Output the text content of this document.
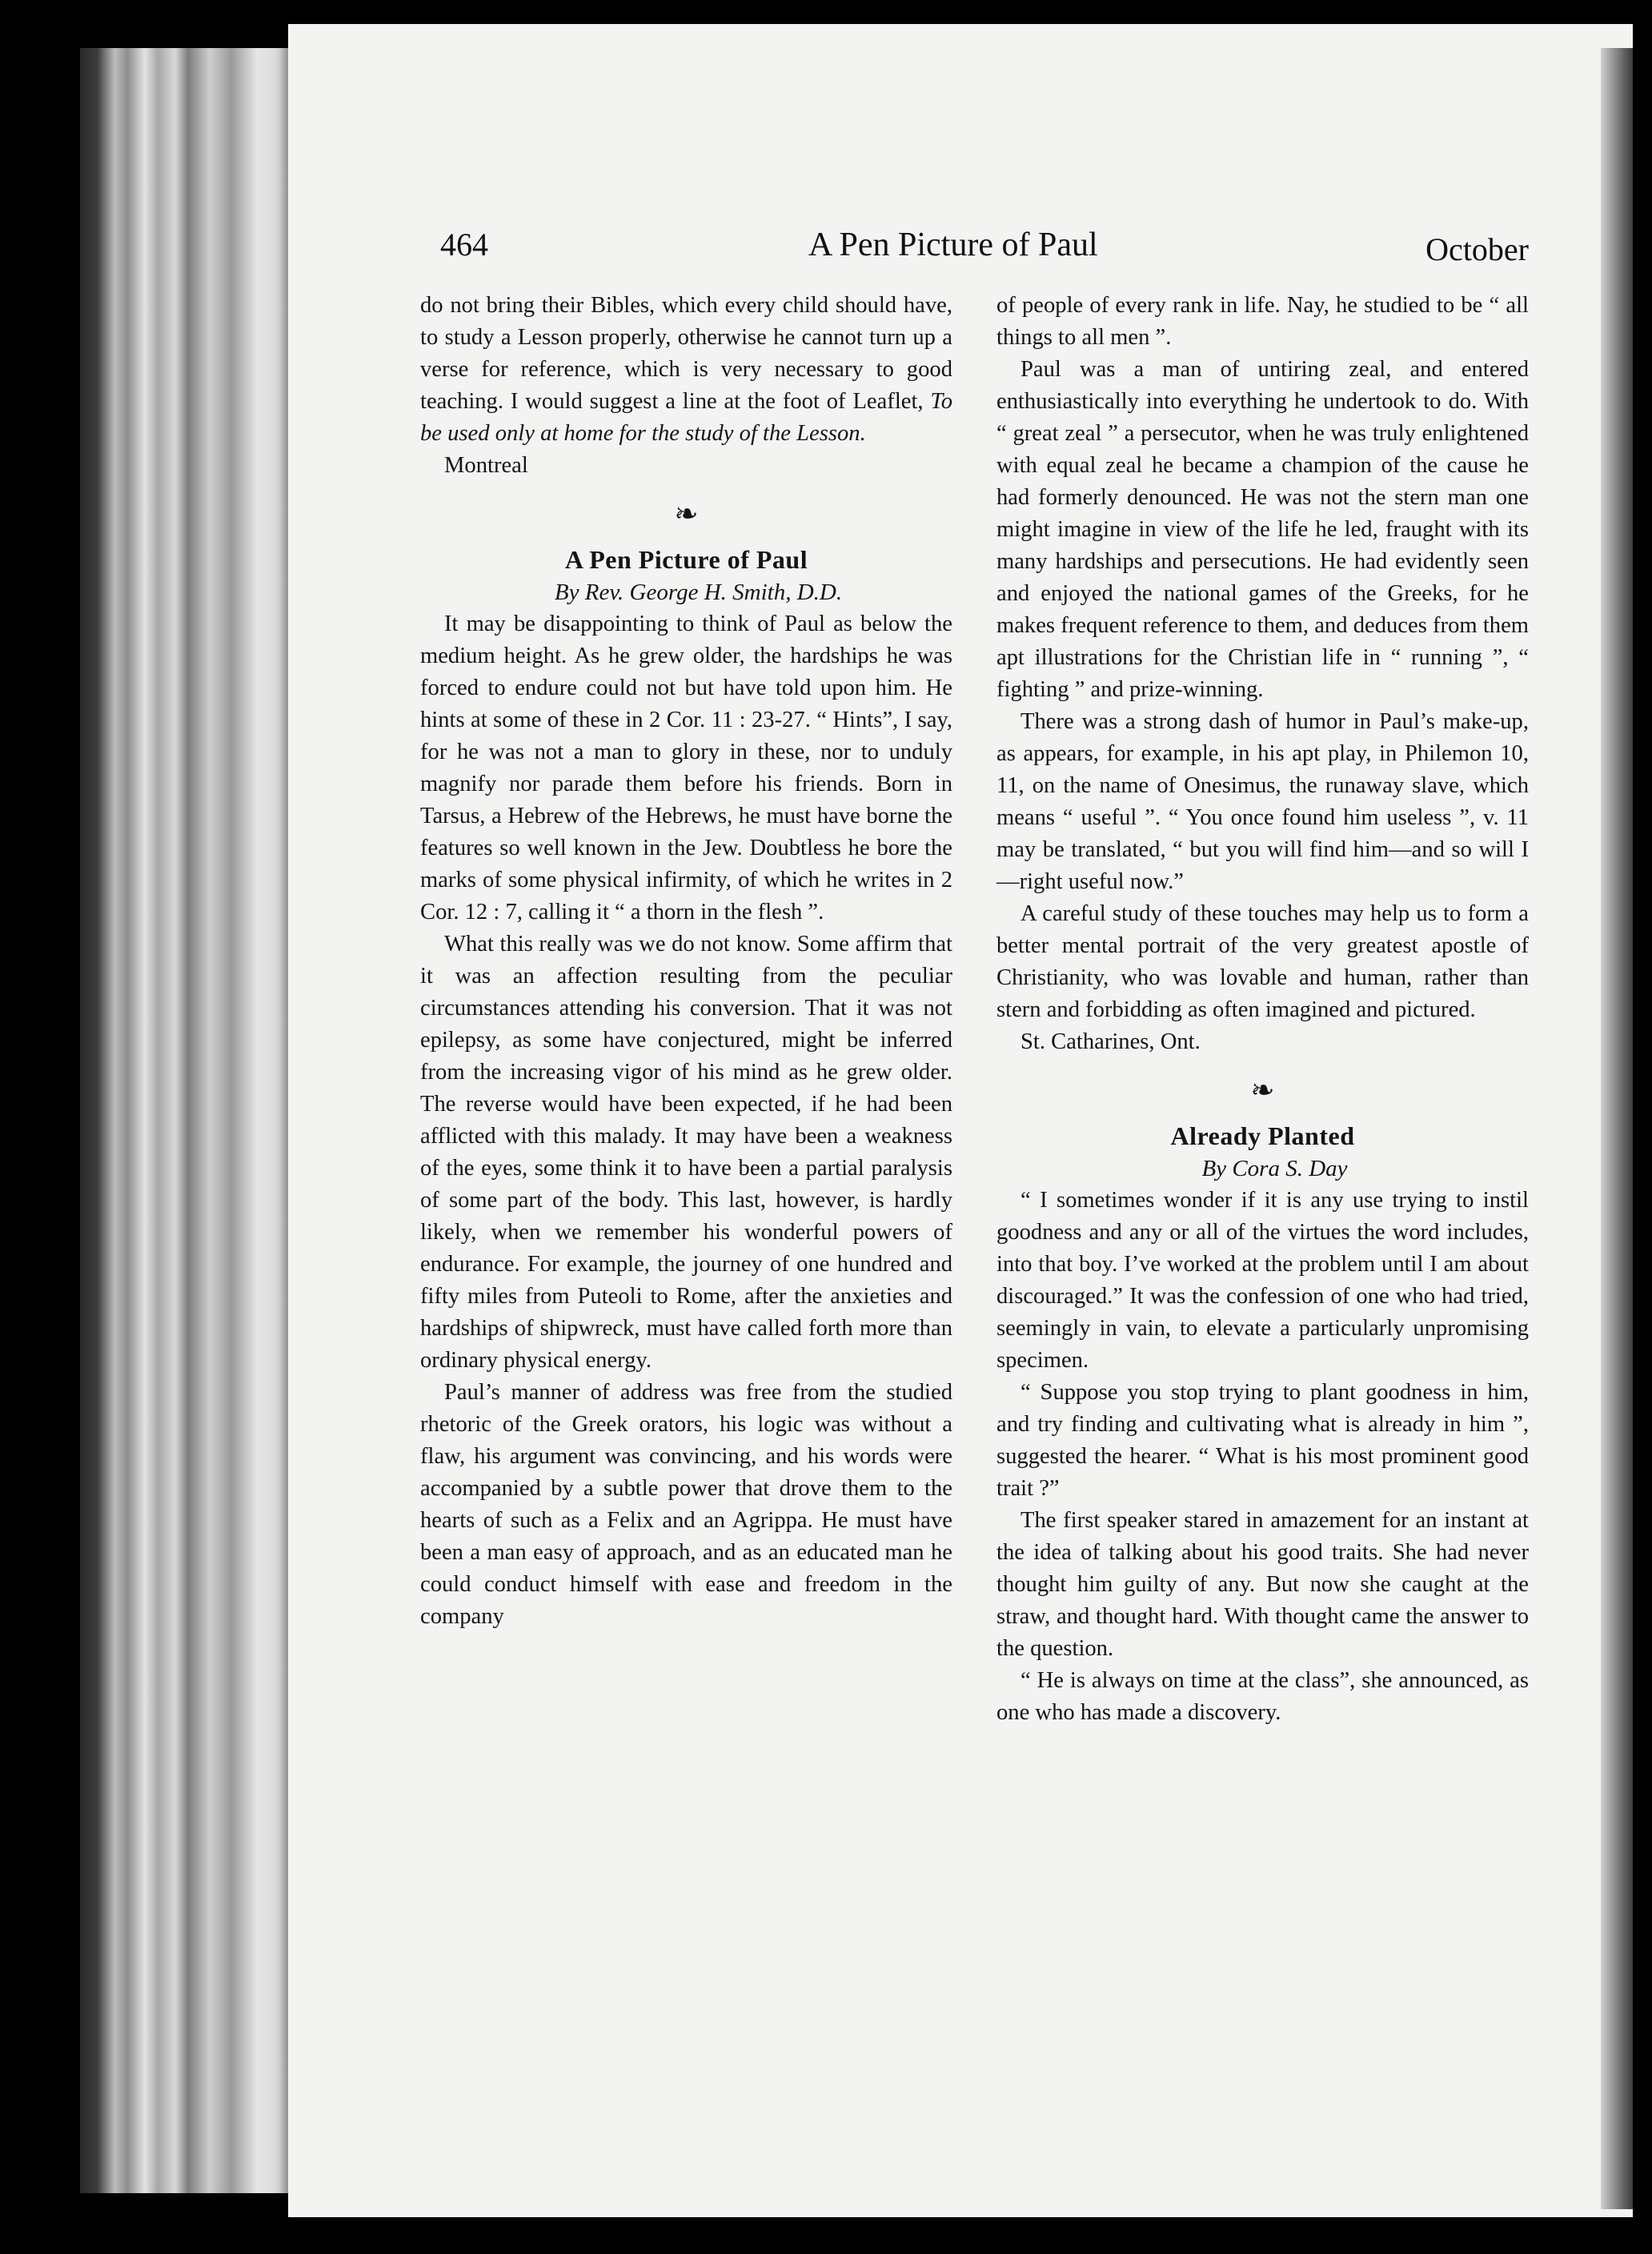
464	A Pen Picture of Paul	October

do not bring their Bibles, which every child should have, to study a Lesson properly, otherwise he cannot turn up a verse for reference, which is very necessary to good teaching. I would suggest a line at the foot of Leaflet, To be used only at home for the study of the Lesson.

Montreal

❧
A Pen Picture of Paul

By Rev. George H. Smith, D.D.

It may be disappointing to think of Paul as below the medium height. As he grew older, the hardships he was forced to endure could not but have told upon him. He hints at some of these in 2 Cor. 11 : 23-27. “ Hints”, I say, for he was not a man to glory in these, nor to unduly magnify nor parade them before his friends. Born in Tarsus, a Hebrew of the Hebrews, he must have borne the features so well known in the Jew. Doubtless he bore the marks of some physical infirmity, of which he writes in 2 Cor. 12 : 7, calling it “ a thorn in the flesh ”.

What this really was we do not know. Some affirm that it was an affection resulting from the peculiar circumstances attending his conversion. That it was not epilepsy, as some have conjectured, might be inferred from the increasing vigor of his mind as he grew older. The reverse would have been expected, if he had been afflicted with this malady. It may have been a weakness of the eyes, some think it to have been a partial paralysis of some part of the body. This last, however, is hardly likely, when we remember his wonderful powers of endurance. For example, the journey of one hundred and fifty miles from Puteoli to Rome, after the anxieties and hardships of shipwreck, must have called forth more than ordinary physical energy.

Paul’s manner of address was free from the studied rhetoric of the Greek orators, his logic was without a flaw, his argument was convincing, and his words were accompanied by a subtle power that drove them to the hearts of such as a Felix and an Agrippa. He must have been a man easy of approach, and as an educated man he could conduct himself with ease and freedom in the company

of people of every rank in life. Nay, he studied to be “ all things to all men ”.

Paul was a man of untiring zeal, and entered enthusiastically into everything he undertook to do. With “ great zeal ” a persecutor, when he was truly enlightened with equal zeal he became a champion of the cause he had formerly denounced. He was not the stern man one might imagine in view of the life he led, fraught with its many hardships and persecutions. He had evidently seen and enjoyed the national games of the Greeks, for he makes frequent reference to them, and deduces from them apt illustrations for the Christian life in “ running ”, “ fighting ” and prize-winning.

There was a strong dash of humor in Paul’s make-up, as appears, for example, in his apt play, in Philemon 10, 11, on the name of Onesimus, the runaway slave, which means “ useful ”. “ You once found him useless ”, v. 11 may be translated, “ but you will find him—and so will I—right useful now.”

A careful study of these touches may help us to form a better mental portrait of the very greatest apostle of Christianity, who was lovable and human, rather than stern and forbidding as often imagined and pictured.

St. Catharines, Ont.

❧
Already Planted

By Cora S. Day

“ I sometimes wonder if it is any use trying to instil goodness and any or all of the virtues the word includes, into that boy. I’ve worked at the problem until I am about discouraged.” It was the confession of one who had tried, seemingly in vain, to elevate a particularly unpromising specimen.

“ Suppose you stop trying to plant goodness in him, and try finding and cultivating what is already in him ”, suggested the hearer. “ What is his most prominent good trait ?”

The first speaker stared in amazement for an instant at the idea of talking about his good traits. She had never thought him guilty of any. But now she caught at the straw, and thought hard. With thought came the answer to the question.

“ He is always on time at the class”, she announced, as one who has made a discovery.
